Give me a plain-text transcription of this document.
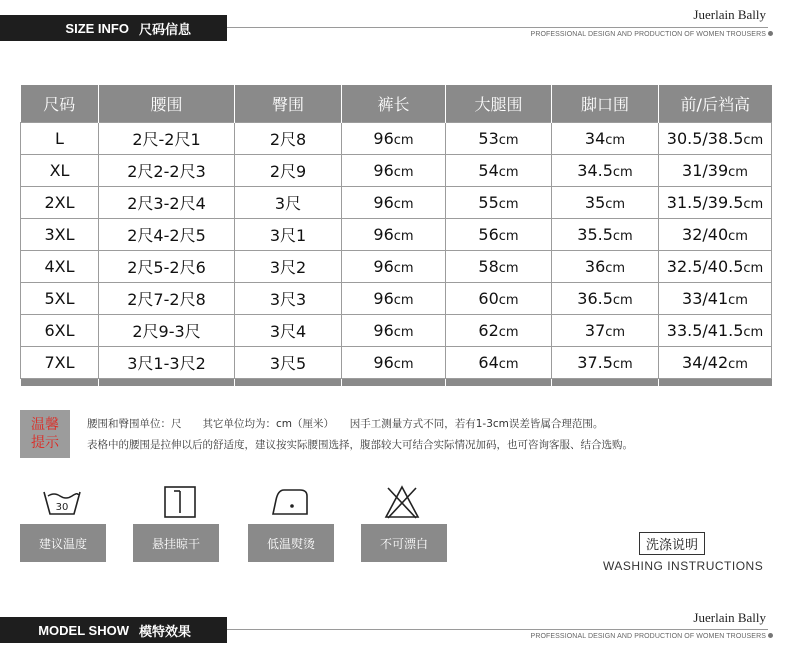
SIZE INFO 尺码信息
Juerlain Bally
PROFESSIONAL DESIGN AND PRODUCTION OF WOMEN TROUSERS
尺码	腰围	臀围	裤长	大腿围	脚口围	前/后裆高
L	2尺-2尺1	2尺8	96cm	53cm	34cm	30.5/38.5cm
XL	2尺2-2尺3	2尺9	96cm	54cm	34.5cm	31/39cm
2XL	2尺3-2尺4	3尺	96cm	55cm	35cm	31.5/39.5cm
3XL	2尺4-2尺5	3尺1	96cm	56cm	35.5cm	32/40cm
4XL	2尺5-2尺6	3尺2	96cm	58cm	36cm	32.5/40.5cm
5XL	2尺7-2尺8	3尺3	96cm	60cm	36.5cm	33/41cm
6XL	2尺9-3尺	3尺4	96cm	62cm	37cm	33.5/41.5cm
7XL	3尺1-3尺2	3尺5	96cm	64cm	37.5cm	34/42cm

温馨
提示
腰围和臀围单位：尺　　其它单位均为：cm（厘米）　　因手工测量方式不同，若有1-3cm误差皆属合理范围。
表格中的腰围是拉伸以后的舒适度，建议按实际腰围选择，腹部较大可结合实际情况加码，也可咨询客服、结合选购。
30
建议温度	悬挂晾干	低温熨烫	不可漂白	洗涤说明
WASHING INSTRUCTIONS
MODEL SHOW 模特效果
Juerlain Bally
PROFESSIONAL DESIGN AND PRODUCTION OF WOMEN TROUSERS
